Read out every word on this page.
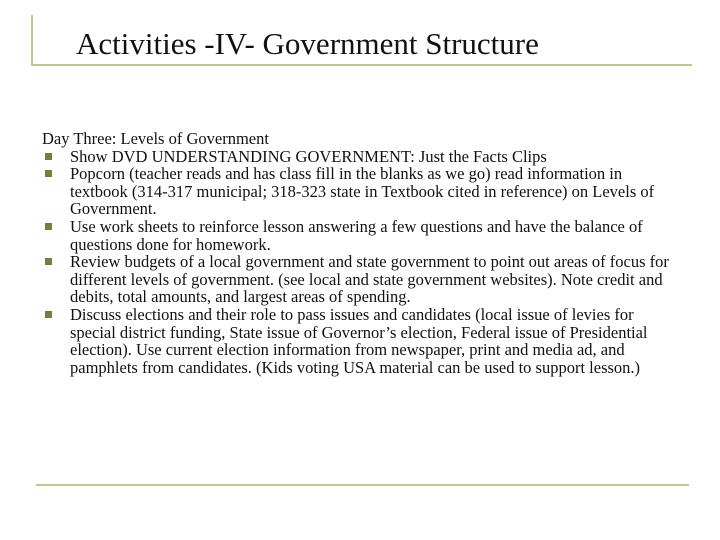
Activities -IV- Government Structure

Day Three: Levels of Government

Show DVD UNDERSTANDING GOVERNMENT: Just the Facts Clips
Popcorn (teacher reads and has class fill in the blanks as we go) read information in textbook (314-317 municipal; 318-323 state in Textbook cited in reference) on Levels of Government.
Use work sheets to reinforce lesson answering a few questions and have the balance of questions done for homework.
Review budgets of a local government and state government to point out areas of focus for different levels of government. (see local and state government websites). Note credit and debits, total amounts, and largest areas of spending.
Discuss elections and their role to pass issues and candidates (local issue of levies for special district funding, State issue of Governor’s election, Federal issue of Presidential election). Use current election information from newspaper, print and media ad, and pamphlets from candidates. (Kids voting USA material can be used to support lesson.)
